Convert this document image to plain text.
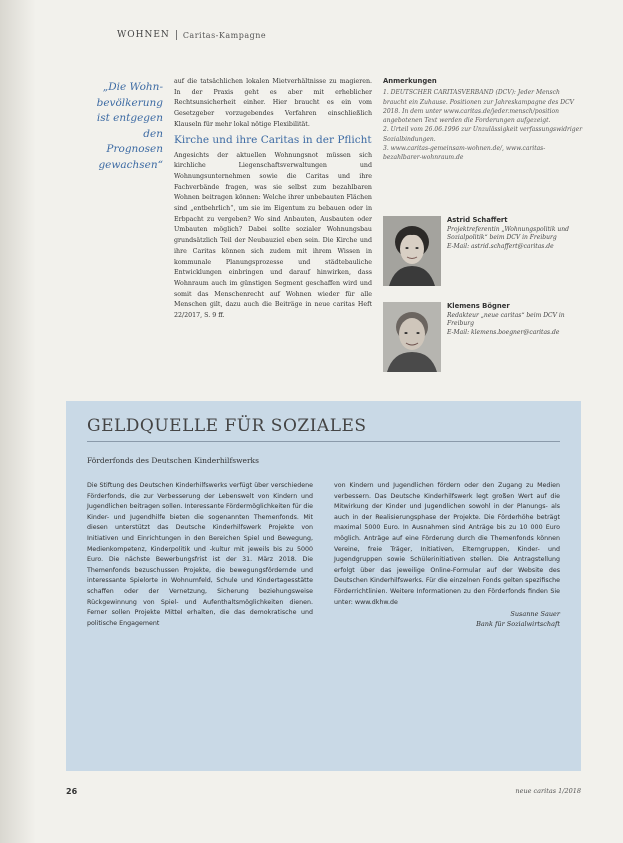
WOHNEN Caritas-Kampagne
„Die Wohn-bevölkerung ist entgegen den Prognosen gewachsen“

auf die tatsächlichen lokalen Mietverhältnisse zu magieren. In der Praxis geht es aber mit erheblicher Rechtsunsicherheit einher. Hier braucht es ein vom Gesetzgeber vorzugebendes Verfahren einschließlich Klauseln für mehr lokal nötige Flexibilität.

Kirche und ihre Caritas in der Pflicht

Angesichts der aktuellen Wohnungsnot müssen sich kirchliche Liegenschaftsverwaltungen und Wohnungsunternehmen sowie die Caritas und ihre Fachverbände fragen, was sie selbst zum bezahlbaren Wohnen beitragen können: Welche ihrer unbebauten Flächen sind „entbehrlich“, um sie im Eigentum zu bebauen oder in Erbpacht zu vergeben? Wo sind Anbauten, Ausbauten oder Umbauten möglich? Dabei sollte sozialer Wohnungsbau grundsätzlich Teil der Neubauziel eben sein. Die Kirche und ihre Caritas können sich zudem mit ihrem Wissen in kommunale Planungsprozesse und städtebauliche Entwicklungen einbringen und darauf hinwirken, dass Wohnraum auch im günstigen Segment geschaffen wird und somit das Menschenrecht auf Wohnen wieder für alle Menschen gilt, dazu auch die Beiträge in neue caritas Heft 22/2017, S. 9 ff.

Anmerkungen
1. DEUTSCHER CARITASVERBAND (DCV): Jeder Mensch braucht ein Zuhause. Positionen zur Jahreskampagne des DCV 2018. In dem unter www.caritas.de/jeder.mensch/position angebotenen Text werden die Forderungen aufgezeigt.
2. Urteil vom 26.06.1996 zur Unzulässigkeit verfassungswidriger Sozialbindungen.
3. www.caritas-gemeinsam-wohnen.de/, www.caritas-bezahlbarer-wohnraum.de
Astrid Schaffert
Projektreferentin „Wohnungspolitik und Sozialpolitik“ beim DCV in Freiburg
E-Mail: astrid.schaffert@caritas.de
Klemens Bögner
Redakteur „neue caritas“ beim DCV in Freiburg
E-Mail: klemens.boegner@caritas.de
GELDQUELLE FÜR SOZIALES
Förderfonds des Deutschen Kinderhilfswerks
Die Stiftung des Deutschen Kinderhilfswerks verfügt über verschiedene Förderfonds, die zur Verbesserung der Lebenswelt von Kindern und Jugendlichen beitragen sollen. Interessante Fördermöglichkeiten für die Kinder- und Jugendhilfe bieten die sogenannten Themenfonds. Mit diesen unterstützt das Deutsche Kinderhilfswerk Projekte von Initiativen und Einrichtungen in den Bereichen Spiel und Bewegung, Medienkompetenz, Kinderpolitik und -kultur mit jeweils bis zu 5000 Euro. Die nächste Bewerbungsfrist ist der 31. März 2018. Die Themenfonds bezuschussen Projekte, die bewegungsfördernde und interessante Spielorte in Wohnumfeld, Schule und Kindertagesstätte schaffen oder der Vernetzung, Sicherung beziehungsweise Rückgewinnung von Spiel- und Aufenthaltsmöglichkeiten dienen. Ferner sollen Projekte Mittel erhalten, die das demokratische und politische Engagement
von Kindern und Jugendlichen fördern oder den Zugang zu Medien verbessern. Das Deutsche Kinderhilfswerk legt großen Wert auf die Mitwirkung der Kinder und Jugendlichen sowohl in der Planungs- als auch in der Realisierungsphase der Projekte. Die Förderhöhe beträgt maximal 5000 Euro. In Ausnahmen sind Anträge bis zu 10 000 Euro möglich. Anträge auf eine Förderung durch die Themenfonds können Vereine, freie Träger, Initiativen, Elterngruppen, Kinder- und Jugendgruppen sowie Schülerinitiativen stellen. Die Antragstellung erfolgt über das jeweilige Online-Formular auf der Website des Deutschen Kinderhilfswerks. Für die einzelnen Fonds gelten spezifische Förderrichtlinien. Weitere Informationen zu den Förderfonds finden Sie unter: www.dkhw.de
Susanne Sauer
Bank für Sozialwirtschaft
26	neue caritas 1/2018
